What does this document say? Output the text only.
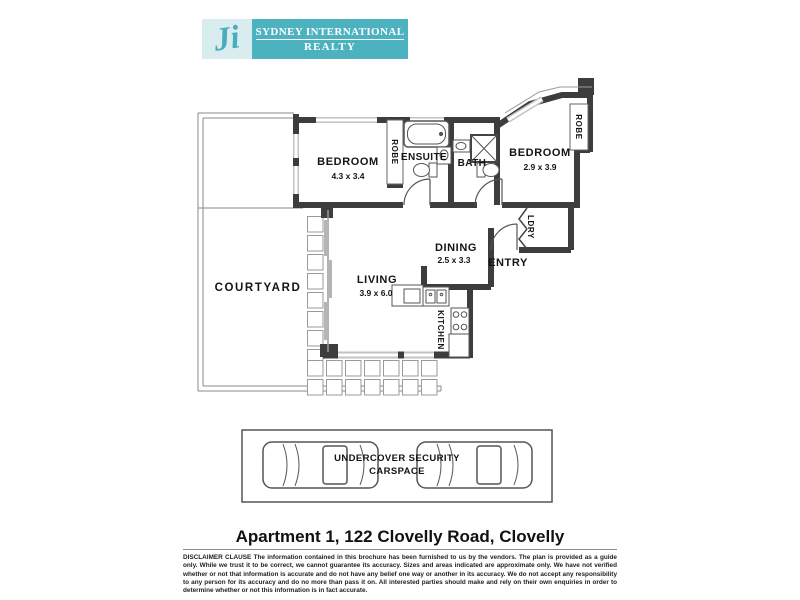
Ji SYDNEY INTERNATIONAL
REALTY
BEDROOM
4.3 x 3.4
BEDROOM
2.9 x 3.9
ENSUITE
BATH
DINING
2.5 x 3.3
LIVING
3.9 x 6.0
ENTRY
COURTYARD
ROBE
ROBE
LDRY
KITCHEN
UNDERCOVER SECURITY
CARSPACE
Apartment 1, 122 Clovelly Road, Clovelly
DISCLAIMER CLAUSE The information contained in this brochure has been furnished to us by the vendors. The plan is provided as a guide only. While we trust it to be correct, we cannot guarantee its accuracy. Sizes and areas indicated are approximate only. We have not verified whether or not that information is accurate and do not have any belief one way or another in its accuracy. We do not accept any responsibility to any person for its accuracy and do no more than pass it on. All interested parties should make and rely on their own enquiries in order to determine whether or not this information is in fact accurate.
